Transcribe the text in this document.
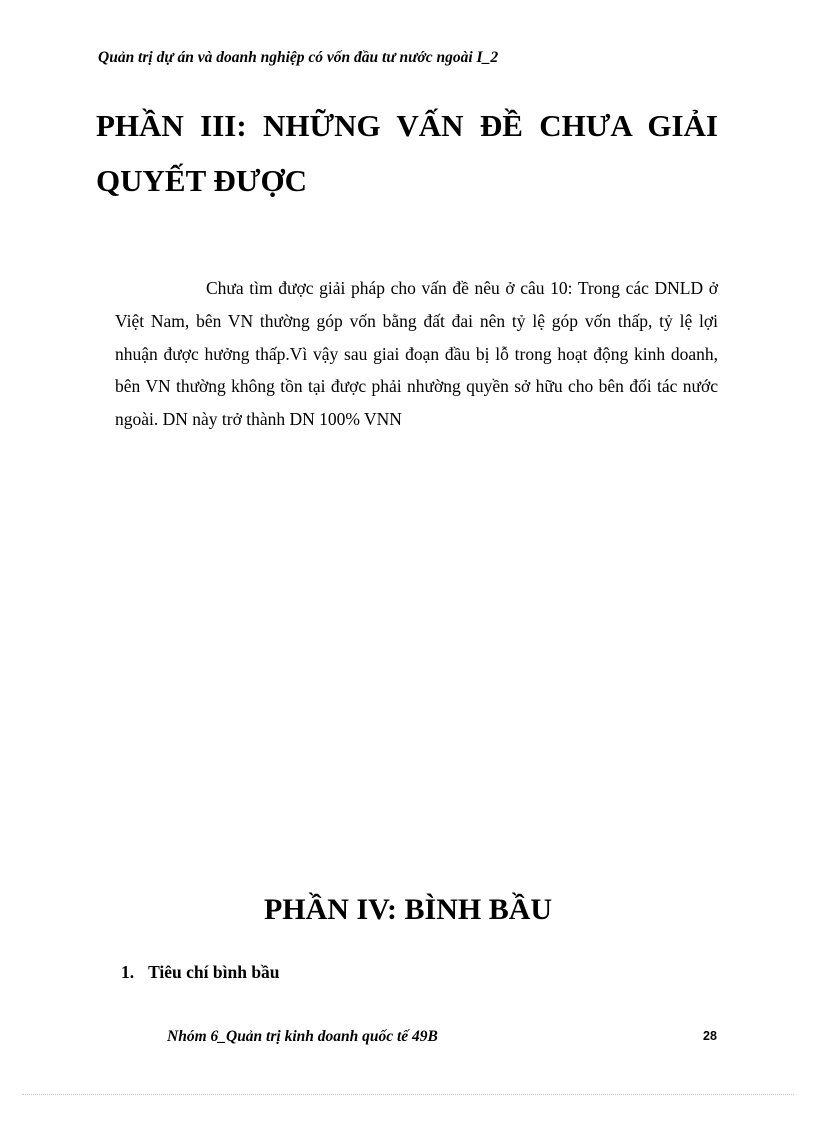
Quản trị dự án và doanh nghiệp có vốn đầu tư nước ngoài I_2
PHẦN III: NHỮNG VẤN ĐỀ CHƯA GIẢI
QUYẾT ĐƯỢC

Chưa tìm được giải pháp cho vấn đề nêu ở câu 10: Trong các DNLD ở Việt Nam, bên VN thường góp vốn bằng đất đai nên tỷ lệ góp vốn thấp, tỷ lệ lợi nhuận được hưởng thấp.Vì vậy sau giai đoạn đầu bị lỗ trong hoạt động kinh doanh, bên VN thường không tồn tại được phải nhường quyền sở hữu cho bên đối tác nước ngoài. DN này trở thành DN 100% VNN

PHẦN IV: BÌNH BẦU
1. Tiêu chí bình bầu
Nhóm 6_Quản trị kinh doanh quốc tế 49B	28
